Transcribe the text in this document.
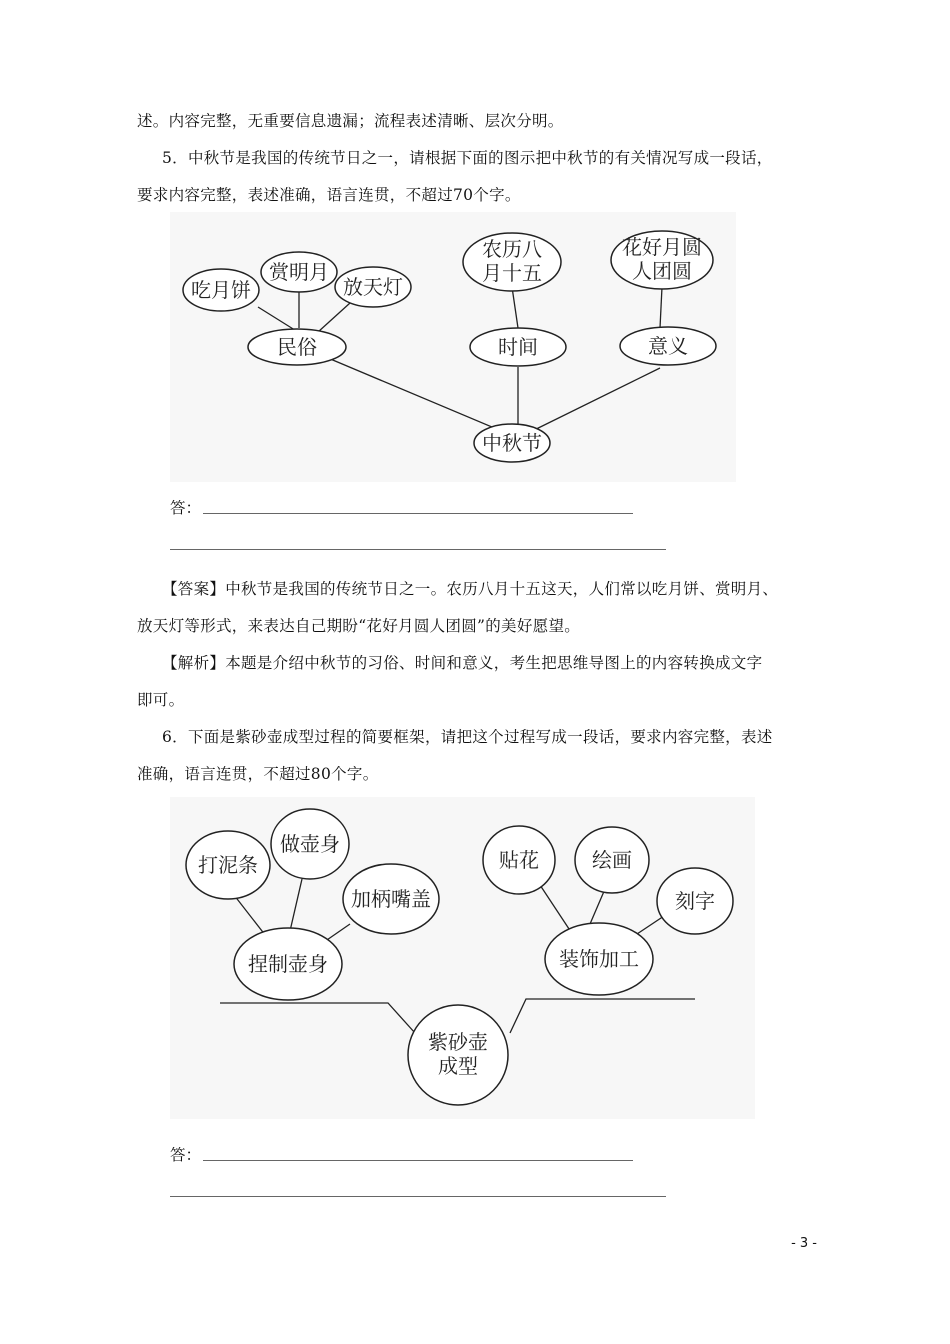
述。内容完整，无重要信息遗漏；流程表述清晰、层次分明。
5．中秋节是我国的传统节日之一，请根据下面的图示把中秋节的有关情况写成一段话，
要求内容完整，表述准确，语言连贯，不超过70个字。
中秋节
民俗	时间	意义
吃月饼
赏明月
放天灯
农历八
月十五
花好月圆
人团圆
答：
【答案】中秋节是我国的传统节日之一。农历八月十五这天，人们常以吃月饼、赏明月、
放天灯等形式，来表达自己期盼“花好月圆人团圆”的美好愿望。
【解析】本题是介绍中秋节的习俗、时间和意义，考生把思维导图上的内容转换成文字
即可。
6．下面是紫砂壶成型过程的简要框架，请把这个过程写成一段话，要求内容完整，表述
准确，语言连贯，不超过80个字。
紫砂壶
成型
捏制壶身	装饰加工
打泥条
做壶身
加柄嘴盖
贴花	绘画
刻字
答：
- 3 -
